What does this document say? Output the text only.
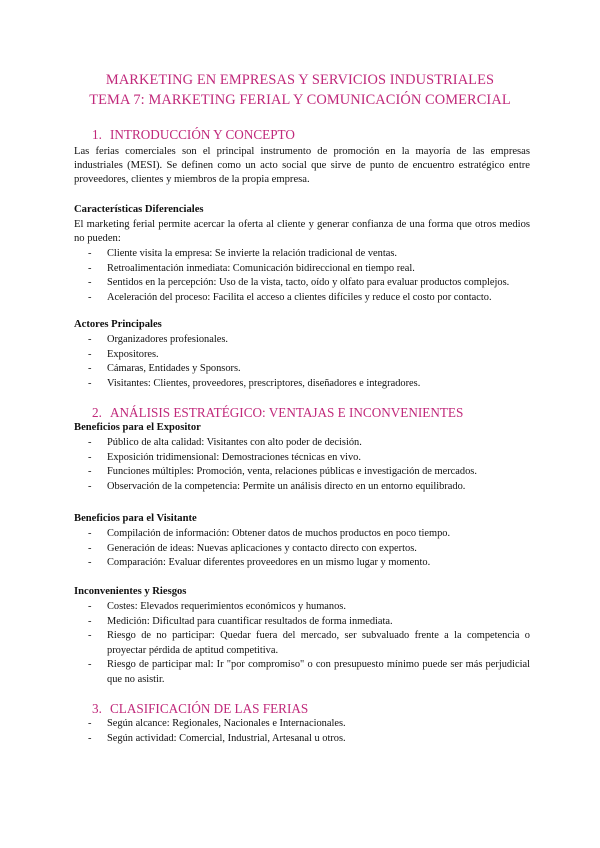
MARKETING EN EMPRESAS Y SERVICIOS INDUSTRIALES
TEMA 7: MARKETING FERIAL Y COMUNICACIÓN COMERCIAL
1. INTRODUCCIÓN Y CONCEPTO

Las ferias comerciales son el principal instrumento de promoción en la mayoría de las empresas industriales (MESI). Se definen como un acto social que sirve de punto de encuentro estratégico entre proveedores, clientes y miembros de la propia empresa.

Características Diferenciales

El marketing ferial permite acercar la oferta al cliente y generar confianza de una forma que otros medios no pueden:

- Cliente visita la empresa: Se invierte la relación tradicional de ventas.
- Retroalimentación inmediata: Comunicación bidireccional en tiempo real.
- Sentidos en la percepción: Uso de la vista, tacto, oído y olfato para evaluar productos complejos.
- Aceleración del proceso: Facilita el acceso a clientes difíciles y reduce el costo por contacto.
Actores Principales
- Organizadores profesionales.
- Expositores.
- Cámaras, Entidades y Sponsors.
- Visitantes: Clientes, proveedores, prescriptores, diseñadores e integradores.
2. ANÁLISIS ESTRATÉGICO: VENTAJAS E INCONVENIENTES
Beneficios para el Expositor
- Público de alta calidad: Visitantes con alto poder de decisión.
- Exposición tridimensional: Demostraciones técnicas en vivo.
- Funciones múltiples: Promoción, venta, relaciones públicas e investigación de mercados.
- Observación de la competencia: Permite un análisis directo en un entorno equilibrado.
Beneficios para el Visitante
- Compilación de información: Obtener datos de muchos productos en poco tiempo.
- Generación de ideas: Nuevas aplicaciones y contacto directo con expertos.
- Comparación: Evaluar diferentes proveedores en un mismo lugar y momento.
Inconvenientes y Riesgos
- Costes: Elevados requerimientos económicos y humanos.
- Medición: Dificultad para cuantificar resultados de forma inmediata.
- Riesgo de no participar: Quedar fuera del mercado, ser subvaluado frente a la competencia o proyectar pérdida de aptitud competitiva.
- Riesgo de participar mal: Ir "por compromiso" o con presupuesto mínimo puede ser más perjudicial que no asistir.
3. CLASIFICACIÓN DE LAS FERIAS
- Según alcance: Regionales, Nacionales e Internacionales.
- Según actividad: Comercial, Industrial, Artesanal u otros.
